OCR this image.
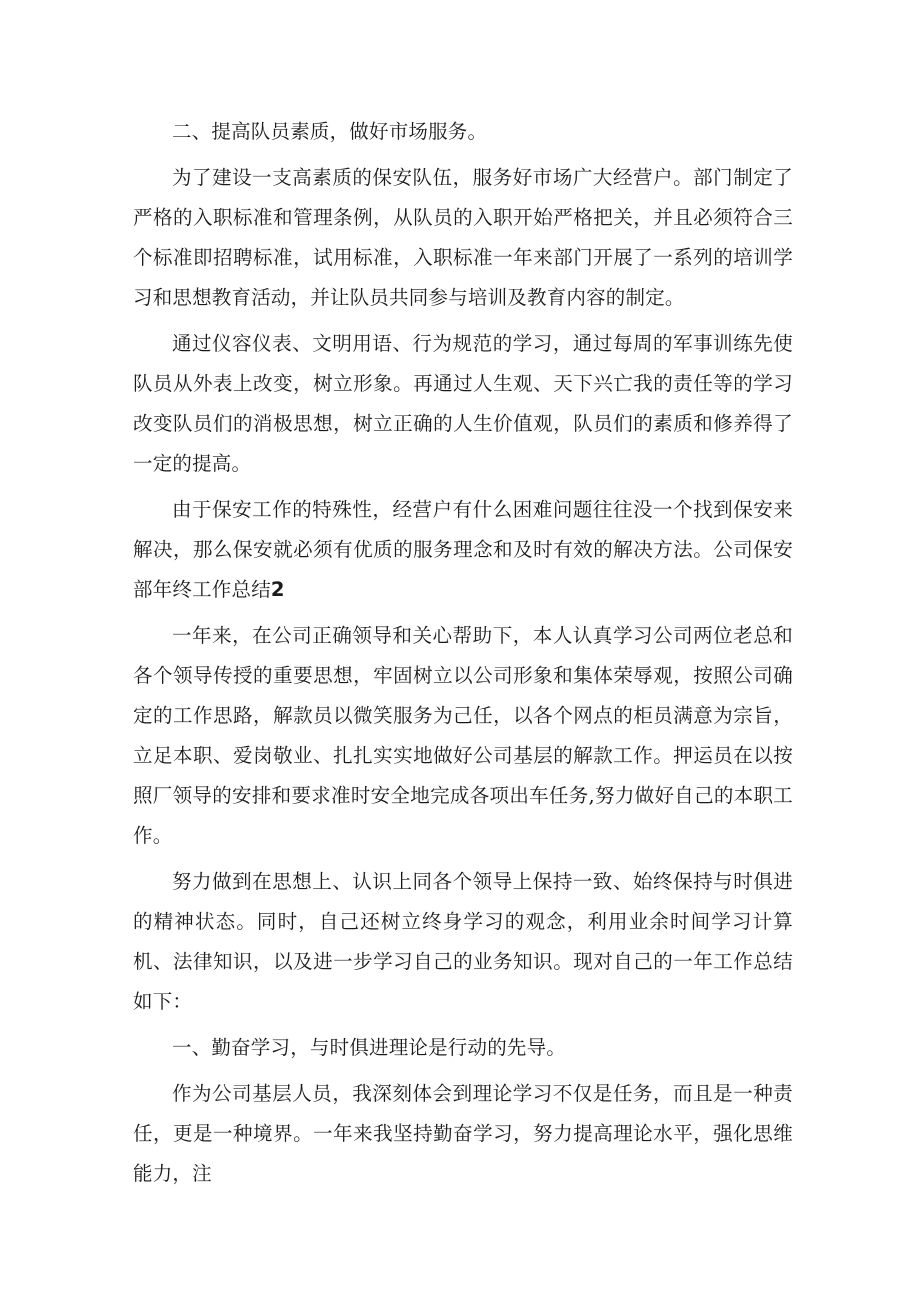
二、提高队员素质，做好市场服务。

为了建设一支高素质的保安队伍，服务好市场广大经营户。部门制定了严格的入职标准和管理条例，从队员的入职开始严格把关，并且必须符合三个标准即招聘标准，试用标准，入职标准一年来部门开展了一系列的培训学习和思想教育活动，并让队员共同参与培训及教育内容的制定。

通过仪容仪表、文明用语、行为规范的学习，通过每周的军事训练先使队员从外表上改变，树立形象。再通过人生观、天下兴亡我的责任等的学习改变队员们的消极思想，树立正确的人生价值观，队员们的素质和修养得了一定的提高。

由于保安工作的特殊性，经营户有什么困难问题往往没一个找到保安来解决，那么保安就必须有优质的服务理念和及时有效的解决方法。公司保安部年终工作总结2

一年来，在公司正确领导和关心帮助下，本人认真学习公司两位老总和各个领导传授的重要思想，牢固树立以公司形象和集体荣辱观，按照公司确定的工作思路，解款员以微笑服务为己任，以各个网点的柜员满意为宗旨，立足本职、爱岗敬业、扎扎实实地做好公司基层的解款工作。押运员在以按照厂领导的安排和要求准时安全地完成各项出车任务,努力做好自己的本职工作。

努力做到在思想上、认识上同各个领导上保持一致、始终保持与时俱进的精神状态。同时，自己还树立终身学习的观念，利用业余时间学习计算机、法律知识，以及进一步学习自己的业务知识。现对自己的一年工作总结如下：

一、勤奋学习，与时俱进理论是行动的先导。

作为公司基层人员，我深刻体会到理论学习不仅是任务，而且是一种责任，更是一种境界。一年来我坚持勤奋学习，努力提高理论水平，强化思维能力，注
